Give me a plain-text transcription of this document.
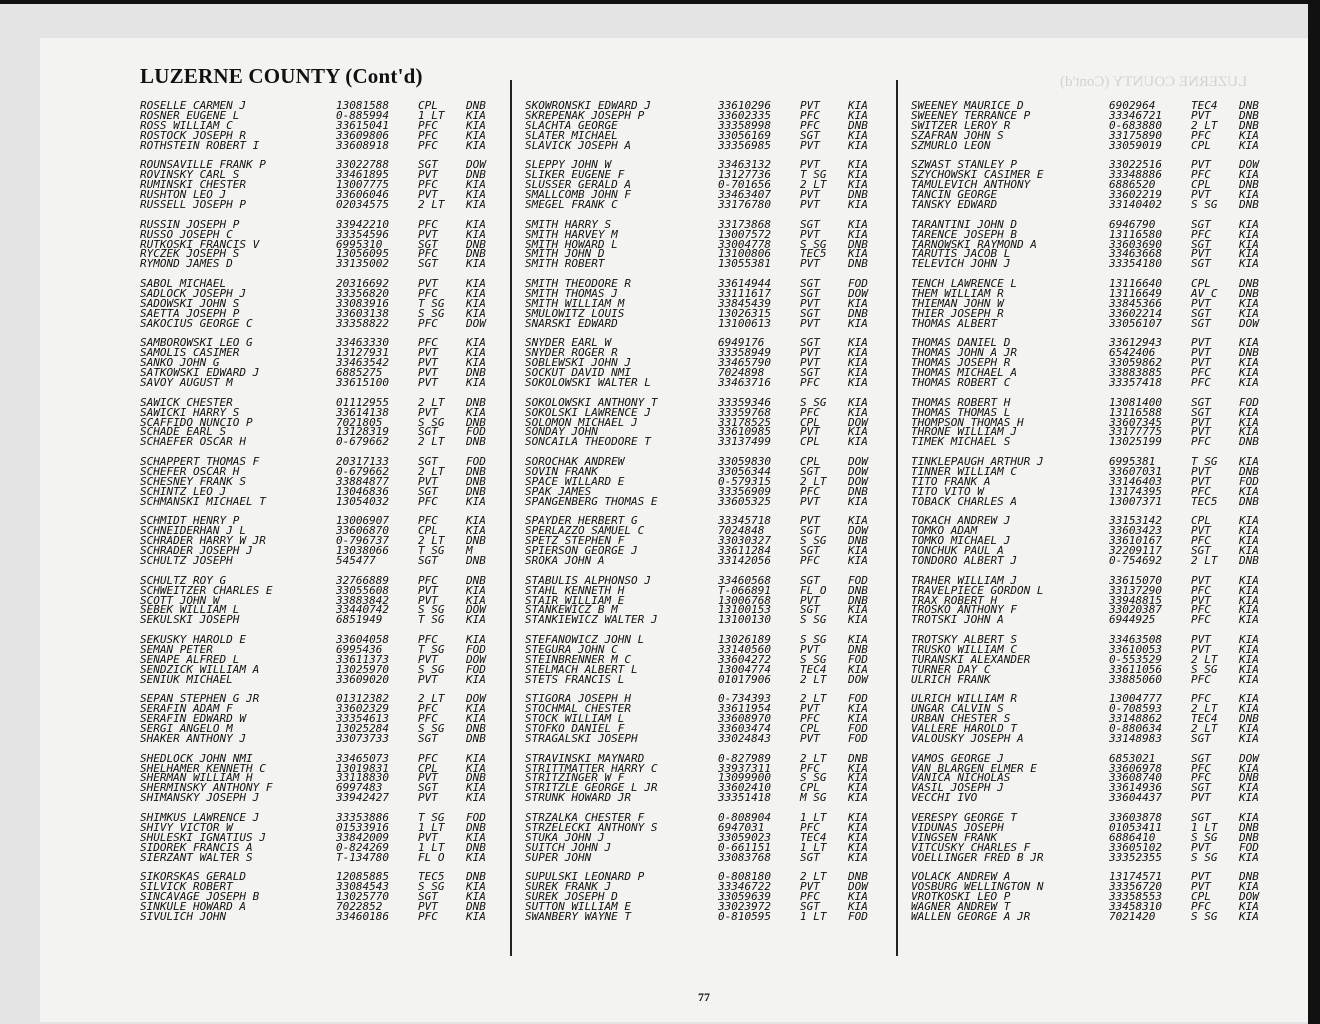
LUZERNE COUNTY (Cont'd)	LUZERNE COUNTY (Cont'd)
ROSELLE CARMEN J	13081588	CPL	DNB
ROSNER EUGENE L	0-885994	1 LT	KIA
ROSS WILLIAM C	33615041	PFC	KIA
ROSTOCK JOSEPH R	33609806	PFC	KIA
ROTHSTEIN ROBERT I	33608918	PFC	KIA
ROUNSAVILLE FRANK P	33022788	SGT	DOW
ROVINSKY CARL S	33461895	PVT	DNB
RUMINSKI CHESTER	13007775	PFC	KIA
RUSHTON LEO J	33606046	PVT	KIA
RUSSELL JOSEPH P	02034575	2 LT	KIA
RUSSIN JOSEPH P	33942210	PFC	KIA
RUSSO JOSEPH C	33354596	PVT	KIA
RUTKOSKI FRANCIS V	6995310	SGT	DNB
RYCZEK JOSEPH S	13056095	PFC	DNB
RYMOND JAMES D	33135002	SGT	KIA
SABOL MICHAEL	20316692	PVT	KIA
SADLOCK JOSEPH J	33356820	PFC	KIA
SADOWSKI JOHN S	33083916	T SG	KIA
SAETTA JOSEPH P	33603138	S SG	KIA
SAKOCIUS GEORGE C	33358822	PFC	DOW
SAMBOROWSKI LEO G	33463330	PFC	KIA
SAMOLIS CASIMER	13127931	PVT	KIA
SANKO JOHN G	33463542	PVT	KIA
SATKOWSKI EDWARD J	6885275	PVT	DNB
SAVOY AUGUST M	33615100	PVT	KIA
SAWICK CHESTER	01112955	2 LT	DNB
SAWICKI HARRY S	33614138	PVT	KIA
SCAFFIDO NUNCIO P	7021805	S SG	DNB
SCHADE EARL S	13128319	SGT	FOD
SCHAEFER OSCAR H	0-679662	2 LT	DNB
SCHAPPERT THOMAS F	20317133	SGT	FOD
SCHEFER OSCAR H	0-679662	2 LT	DNB
SCHESNEY FRANK S	33884877	PVT	DNB
SCHINTZ LEO J	13046836	SGT	DNB
SCHMANSKI MICHAEL T	13054032	PFC	KIA
SCHMIDT HENRY P	13006907	PFC	KIA
SCHNEIDERHAN J L	33606870	CPL	KIA
SCHRADER HARRY W JR	0-796737	2 LT	DNB
SCHRADER JOSEPH J	13038066	T SG	M
SCHULTZ JOSEPH	545477	SGT	DNB
SCHULTZ ROY G	32766889	PFC	DNB
SCHWEITZER CHARLES E	33055608	PVT	KIA
SCOTT JOHN W	33883842	PVT	KIA
SEBEK WILLIAM L	33440742	S SG	DOW
SEKULSKI JOSEPH	6851949	T SG	KIA
SEKUSKY HAROLD E	33604058	PFC	KIA
SEMAN PETER	6995436	T SG	FOD
SENAPE ALFRED L	33611373	PVT	DOW
SENDZICK WILLIAM A	13025970	S SG	FOD
SENIUK MICHAEL	33609020	PVT	KIA
SEPAN STEPHEN G JR	01312382	2 LT	DOW
SERAFIN ADAM F	33602329	PFC	KIA
SERAFIN EDWARD W	33354613	PFC	KIA
SERGI ANGELO M	13025284	S SG	DNB
SHAKER ANTHONY J	33073733	SGT	DNB
SHEDLOCK JOHN NMI	33465073	PFC	KIA
SHELHAMER KENNETH C	13019831	CPL	KIA
SHERMAN WILLIAM H	33118830	PVT	DNB
SHERMINSKY ANTHONY F	6997483	SGT	KIA
SHIMANSKY JOSEPH J	33942427	PVT	KIA
SHIMKUS LAWRENCE J	33353886	T SG	FOD
SHIVY VICTOR W	01533916	1 LT	DNB
SHULESKI IGNATIUS J	33842009	PVT	KIA
SIDOREK FRANCIS A	0-824269	1 LT	DNB
SIERZANT WALTER S	T-134780	FL O	KIA
SIKORSKAS GERALD	12085885	TEC5	DNB
SILVICK ROBERT	33084543	S SG	KIA
SINCAVAGE JOSEPH B	13025770	SGT	KIA
SINKULE HOWARD A	7022852	PVT	DNB
SIVULICH JOHN	33460186	PFC	KIA
SKOWRONSKI EDWARD J	33610296	PVT	KIA
SKREPENAK JOSEPH P	33602335	PFC	KIA
SLACHTA GEORGE	33358998	PFC	DNB
SLATER MICHAEL	33056169	SGT	KIA
SLAVICK JOSEPH A	33356985	PVT	KIA
SLEPPY JOHN W	33463132	PVT	KIA
SLIKER EUGENE F	13127736	T SG	KIA
SLUSSER GERALD A	0-701656	2 LT	KIA
SMALLCOMB JOHN F	33463407	PVT	DNB
SMEGEL FRANK C	33176780	PVT	KIA
SMITH HARRY S	33173868	SGT	KIA
SMITH HARVEY M	13007572	PVT	KIA
SMITH HOWARD L	33004778	S SG	DNB
SMITH JOHN D	13100806	TEC5	KIA
SMITH ROBERT	13055381	PVT	DNB
SMITH THEODORE R	33614944	SGT	FOD
SMITH THOMAS J	33111617	SGT	DOW
SMITH WILLIAM M	33845439	PVT	KIA
SMULOWITZ LOUIS	13026315	SGT	DNB
SNARSKI EDWARD	13100613	PVT	KIA
SNYDER EARL W	6949176	SGT	KIA
SNYDER ROGER R	33358949	PVT	KIA
SOBLEWSKI JOHN J	33465790	PVT	KIA
SOCKUT DAVID NMI	7024898	SGT	KIA
SOKOLOWSKI WALTER L	33463716	PFC	KIA
SOKOLOWSKI ANTHONY T	33359346	S SG	KIA
SOKOLSKI LAWRENCE J	33359768	PFC	KIA
SOLOMON MICHAEL J	33178525	CPL	DOW
SONDAY JOHN	33610985	PVT	KIA
SONCAILA THEODORE T	33137499	CPL	KIA
SOROCHAK ANDREW	33059830	CPL	DOW
SOVIN FRANK	33056344	SGT	DOW
SPACE WILLARD E	0-579315	2 LT	DOW
SPAK JAMES	33356909	PFC	DNB
SPANGENBERG THOMAS E	33605325	PVT	KIA
SPAYDER HERBERT G	33345718	PVT	KIA
SPERLAZZO SAMUEL C	7024848	SGT	DOW
SPETZ STEPHEN F	33030327	S SG	DNB
SPIERSON GEORGE J	33611284	SGT	KIA
SROKA JOHN A	33142056	PFC	KIA
STABULIS ALPHONSO J	33460568	SGT	FOD
STAHL KENNETH H	T-066891	FL O	DNB
STAIR WILLIAM E	13006768	PVT	DNB
STANKEWICZ B M	13100153	SGT	KIA
STANKIEWICZ WALTER J	13100130	S SG	KIA
STEFANOWICZ JOHN L	13026189	S SG	KIA
STEGURA JOHN C	33140560	PVT	DNB
STEINBRENNER M C	33604272	S SG	FOD
STELMACH ALBERT L	13004774	TEC4	KIA
STETS FRANCIS L	01017906	2 LT	DOW
STIGORA JOSEPH H	0-734393	2 LT	FOD
STOCHMAL CHESTER	33611954	PVT	KIA
STOCK WILLIAM L	33608970	PFC	KIA
STOFKO DANIEL F	33603474	CPL	FOD
STRAGALSKI JOSEPH	33024843	PVT	FOD
STRAVINSKI MAYNARD	0-827989	2 LT	DNB
STRITTMATTER HARRY C	33937311	PFC	KIA
STRITZINGER W F	13099900	S SG	KIA
STRITZLE GEORGE L JR	33602410	CPL	KIA
STRUNK HOWARD JR	33351418	M SG	KIA
STRZALKA CHESTER F	0-808904	1 LT	KIA
STRZELECKI ANTHONY S	6947031	PFC	KIA
STUKA JOHN J	33059023	TEC4	KIA
SUITCH JOHN J	0-661151	1 LT	KIA
SUPER JOHN	33083768	SGT	KIA
SUPULSKI LEONARD P	0-808180	2 LT	DNB
SUREK FRANK J	33346722	PVT	DOW
SUREK JOSEPH D	33059639	PFC	KIA
SUTTON WILLIAM E	33023972	SGT	KIA
SWANBERY WAYNE T	0-810595	1 LT	FOD
SWEENEY MAURICE D	6902964	TEC4	DNB
SWEENEY TERRANCE P	33346721	PVT	DNB
SWITZER LEROY R	0-683880	2 LT	DNB
SZAFRAN JOHN S	33175890	PFC	KIA
SZMURLO LEON	33059019	CPL	KIA
SZWAST STANLEY P	33022516	PVT	DOW
SZYCHOWSKI CASIMER E	33348886	PFC	KIA
TAMULEVICH ANTHONY	6886520	CPL	DNB
TANCIN GEORGE	33602219	PVT	KIA
TANSKY EDWARD	33140402	S SG	DNB
TARANTINI JOHN D	6946790	SGT	KIA
TARENCE JOSEPH B	13116580	PFC	KIA
TARNOWSKI RAYMOND A	33603690	SGT	KIA
TARUTIS JACOB L	33463668	PVT	KIA
TELEVICH JOHN J	33354180	SGT	KIA
TENCH LAWRENCE L	13116640	CPL	DNB
THEM WILLIAM R	13116649	AV C	DNB
THIEMAN JOHN W	33845366	PVT	KIA
THIER JOSEPH R	33602214	SGT	KIA
THOMAS ALBERT	33056107	SGT	DOW
THOMAS DANIEL D	33612943	PVT	KIA
THOMAS JOHN A JR	6542406	PVT	DNB
THOMAS JOSEPH R	33059862	PVT	KIA
THOMAS MICHAEL A	33883885	PFC	KIA
THOMAS ROBERT C	33357418	PFC	KIA
THOMAS ROBERT H	13081400	SGT	FOD
THOMAS THOMAS L	13116588	SGT	KIA
THOMPSON THOMAS H	33607345	PVT	KIA
THRONE WILLIAM J	33177775	PVT	KIA
TIMEK MICHAEL S	13025199	PFC	DNB
TINKLEPAUGH ARTHUR J	6995381	T SG	KIA
TINNER WILLIAM C	33607031	PVT	DNB
TITO FRANK A	33146403	PVT	FOD
TITO VITO W	13174395	PFC	KIA
TOBACK CHARLES A	13007371	TEC5	DNB
TOKACH ANDREW J	33153142	CPL	KIA
TOMKO ADAM	33603423	PVT	KIA
TOMKO MICHAEL J	33610167	PFC	KIA
TONCHUK PAUL A	32209117	SGT	KIA
TONDORO ALBERT J	0-754692	2 LT	DNB
TRAHER WILLIAM J	33615070	PVT	KIA
TRAVELPIECE GORDON L	33137290	PFC	KIA
TRAX ROBERT H	33948815	PVT	KIA
TROSKO ANTHONY F	33020387	PFC	KIA
TROTSKI JOHN A	6944925	PFC	KIA
TROTSKY ALBERT S	33463508	PVT	KIA
TRUSKO WILLIAM C	33610053	PVT	KIA
TURANSKI ALEXANDER	0-553529	2 LT	KIA
TURNER DAY C	33611056	S SG	KIA
ULRICH FRANK	33885060	PFC	KIA
ULRICH WILLIAM R	13004777	PFC	KIA
UNGAR CALVIN S	0-708593	2 LT	KIA
URBAN CHESTER S	33148862	TEC4	DNB
VALLERE HAROLD T	0-880634	2 LT	KIA
VALOUSKY JOSEPH A	33148983	SGT	KIA
VAMOS GEORGE J	6853021	SGT	DOW
VAN BLARGEN ELMER E	33606978	PFC	KIA
VANICA NICHOLAS	33608740	PFC	DNB
VASIL JOSEPH J	33614936	SGT	KIA
VECCHI IVO	33604437	PVT	KIA
VERESPY GEORGE T	33603878	SGT	KIA
VIDUNAS JOSEPH	01053411	1 LT	DNB
VINGSEN FRANK	6886410	S SG	DNB
VITCUSKY CHARLES F	33605102	PVT	FOD
VOELLINGER FRED B JR	33352355	S SG	KIA
VOLACK ANDREW A	13174571	PVT	DNB
VOSBURG WELLINGTON N	33356720	PVT	KIA
VROTKOSKI LEO P	33358553	CPL	DOW
WAGNER ANDREW T	33458310	PFC	KIA
WALLEN GEORGE A JR	7021420	S SG	KIA
77
